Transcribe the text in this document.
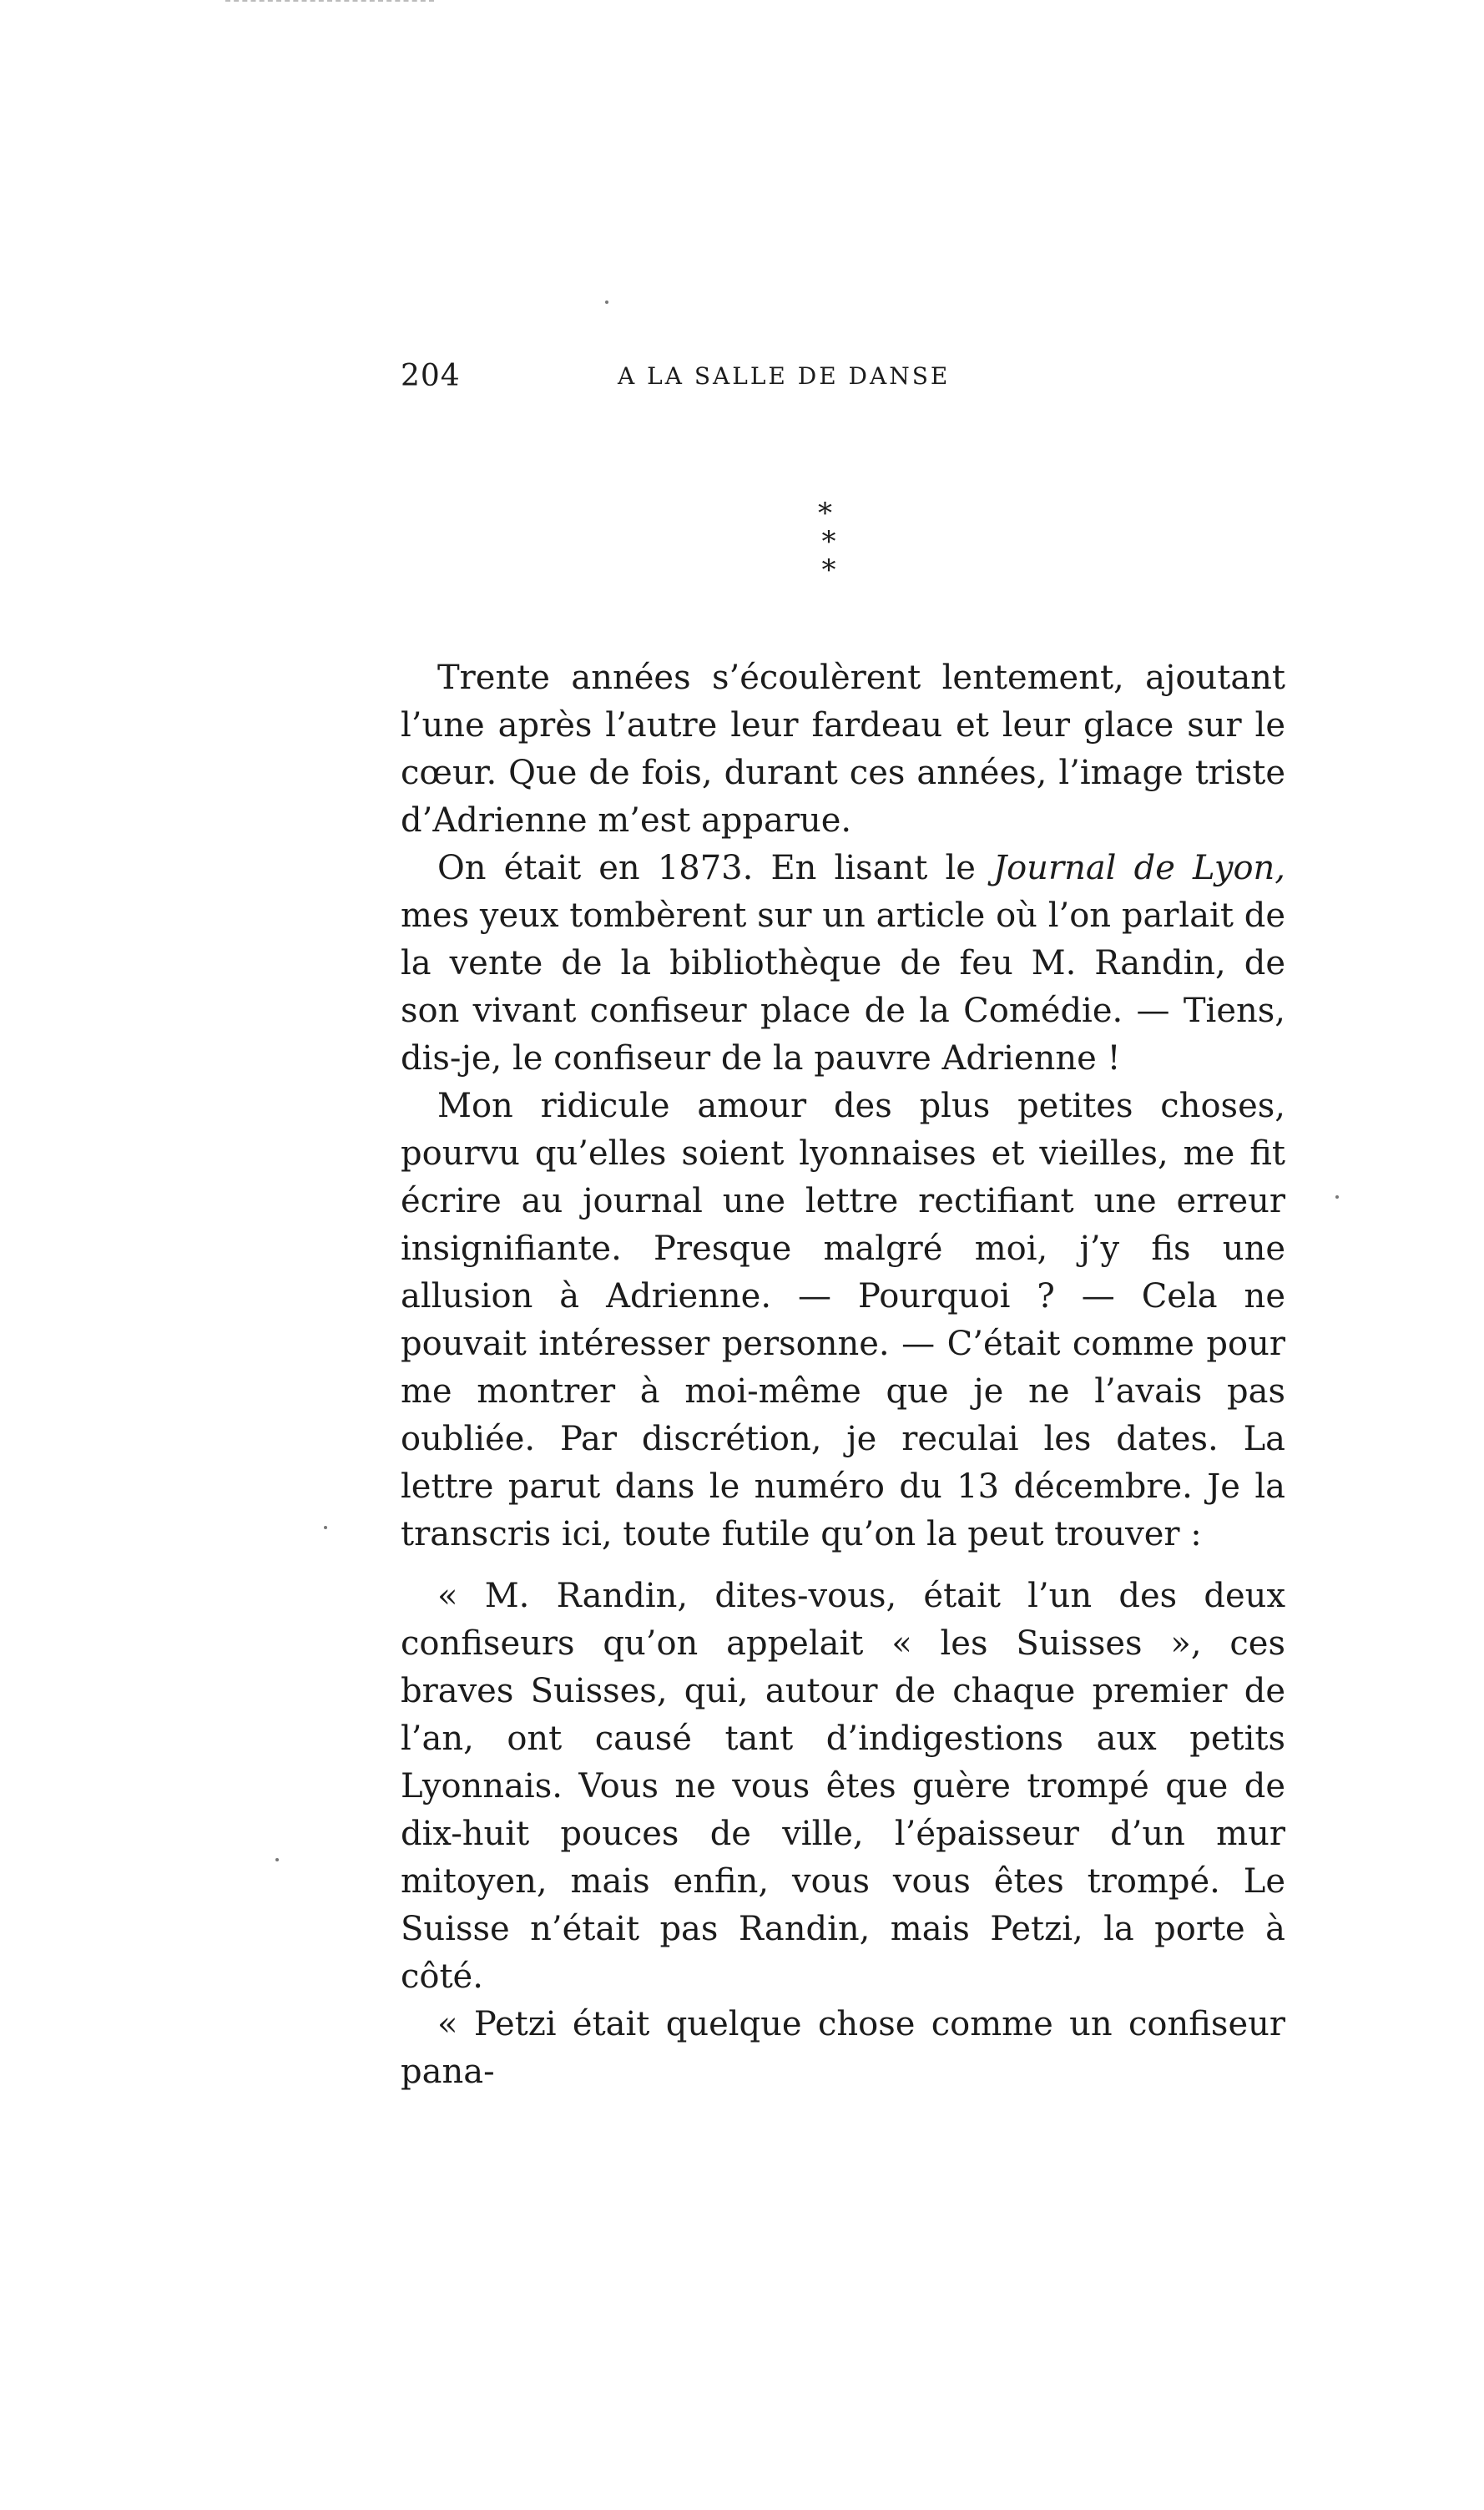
204	A LA SALLE DE DANSE
*
* *

Trente années s’écoulèrent lentement, ajoutant l’une après l’autre leur fardeau et leur glace sur le cœur. Que de fois, durant ces années, l’image triste d’Adrienne m’est apparue.

On était en 1873. En lisant le Journal de Lyon, mes yeux tombèrent sur un article où l’on parlait de la vente de la bibliothèque de feu M. Randin, de son vivant confiseur place de la Comédie. — Tiens, dis-je, le confiseur de la pauvre Adrienne !

Mon ridicule amour des plus petites choses, pourvu qu’elles soient lyonnaises et vieilles, me fit écrire au journal une lettre rectifiant une erreur insignifiante. Presque malgré moi, j’y fis une allusion à Adrienne. — Pourquoi ? — Cela ne pouvait intéresser personne. — C’était comme pour me montrer à moi-même que je ne l’avais pas oubliée. Par discrétion, je reculai les dates. La lettre parut dans le numéro du 13 décembre. Je la transcris ici, toute futile qu’on la peut trouver :

« M. Randin, dites-vous, était l’un des deux confiseurs qu’on appelait « les Suisses », ces braves Suisses, qui, autour de chaque premier de l’an, ont causé tant d’indigestions aux petits Lyonnais. Vous ne vous êtes guère trompé que de dix-huit pouces de ville, l’épaisseur d’un mur mitoyen, mais enfin, vous vous êtes trompé. Le Suisse n’était pas Randin, mais Petzi, la porte à côté.

« Petzi était quelque chose comme un confiseur pana-
